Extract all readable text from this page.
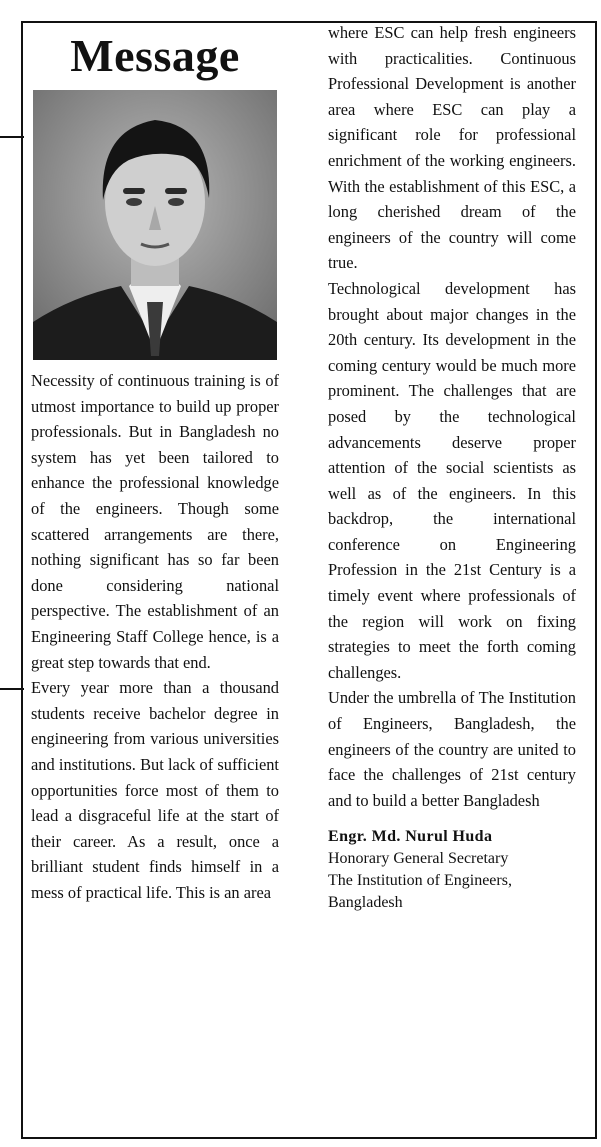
Message

Necessity of continuous training is of utmost importance to build up proper professionals. But in Bangladesh no system has yet been tailored to enhance the professional knowledge of the engineers. Though some scattered arrangements are there, nothing significant has so far been done considering national perspective. The establishment of an Engineering Staff College hence, is a great step towards that end.

Every year more than a thousand students receive bachelor degree in engineering from various universities and institutions. But lack of sufficient opportunities force most of them to lead a disgraceful life at the start of their career. As a result, once a brilliant student finds himself in a mess of practical life. This is an area

where ESC can help fresh engineers with practicalities. Continuous Professional Development is another area where ESC can play a significant role for professional enrichment of the working engineers. With the establishment of this ESC, a long cherished dream of the engineers of the country will come true.

Technological development has brought about major changes in the 20th century. Its development in the coming century would be much more prominent. The challenges that are posed by the technological advancements deserve proper attention of the social scientists as well as of the engineers. In this backdrop, the international conference on Engineering Profession in the 21st Century is a timely event where professionals of the region will work on fixing strategies to meet the forth coming challenges.

Under the umbrella of The Institution of Engineers, Bangladesh, the engineers of the country are united to face the challenges of 21st century and to build a better Bangladesh

Engr. Md. Nurul Huda
Honorary General Secretary
The Institution of Engineers,
Bangladesh
